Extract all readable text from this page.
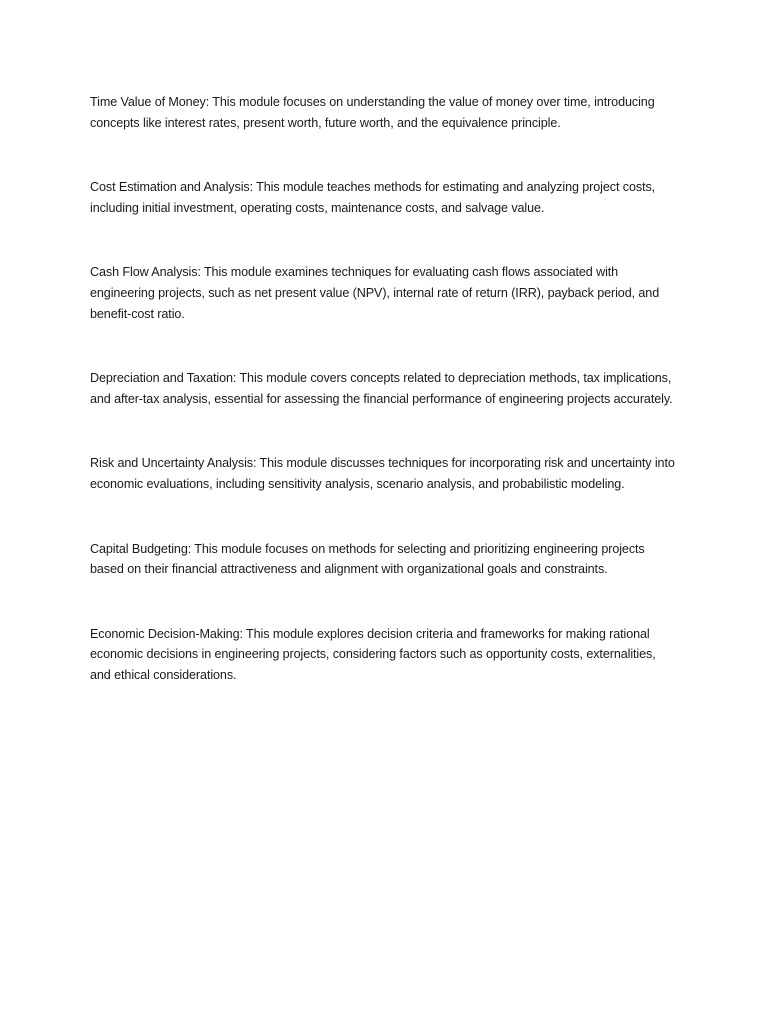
Time Value of Money: This module focuses on understanding the value of money over time, introducing concepts like interest rates, present worth, future worth, and the equivalence principle.

Cost Estimation and Analysis: This module teaches methods for estimating and analyzing project costs, including initial investment, operating costs, maintenance costs, and salvage value.

Cash Flow Analysis: This module examines techniques for evaluating cash flows associated with engineering projects, such as net present value (NPV), internal rate of return (IRR), payback period, and benefit-cost ratio.

Depreciation and Taxation: This module covers concepts related to depreciation methods, tax implications, and after-tax analysis, essential for assessing the financial performance of engineering projects accurately.

Risk and Uncertainty Analysis: This module discusses techniques for incorporating risk and uncertainty into economic evaluations, including sensitivity analysis, scenario analysis, and probabilistic modeling.

Capital Budgeting: This module focuses on methods for selecting and prioritizing engineering projects based on their financial attractiveness and alignment with organizational goals and constraints.

Economic Decision-Making: This module explores decision criteria and frameworks for making rational economic decisions in engineering projects, considering factors such as opportunity costs, externalities, and ethical considerations.
